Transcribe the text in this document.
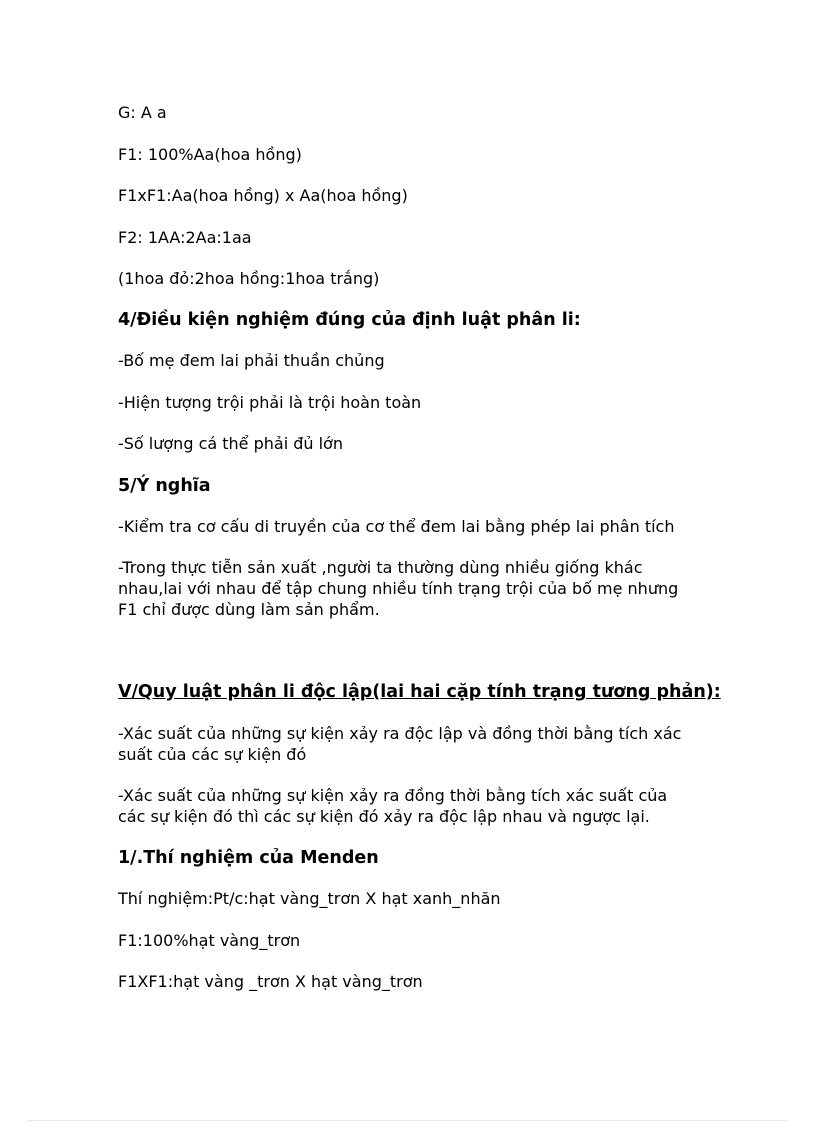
G: A a
F1: 100%Aa(hoa hồng)
F1xF1:Aa(hoa hồng) x Aa(hoa hồng)
F2: 1AA:2Aa:1aa
(1hoa đỏ:2hoa hồng:1hoa trắng)
4/Điều kiện nghiệm đúng của định luật phân li:
-Bố mẹ đem lai phải thuần chủng
-Hiện tượng trội phải là trội hoàn toàn
-Số lượng cá thể phải đủ lớn
5/Ý nghĩa
-Kiểm tra cơ cấu di truyền của cơ thể đem lai bằng phép lai phân tích
-Trong thực tiễn sản xuất ,người ta thường dùng nhiều giống khác
nhau,lai với nhau để tập chung nhiều tính trạng trội của bố mẹ nhưng
F1 chỉ được dùng làm sản phẩm.
V/Quy luật phân li độc lập(lai hai cặp tính trạng tương phản):
-Xác suất của những sự kiện xảy ra độc lập và đồng thời bằng tích xác
suất của các sự kiện đó
-Xác suất của những sự kiện xảy ra đồng thời bằng tích xác suất của
các sự kiện đó thì các sự kiện đó xảy ra độc lập nhau và ngược lại.
1/.Thí nghiệm của Menden
Thí nghiệm:Pt/c:hạt vàng_trơn X hạt xanh_nhăn
F1:100%hạt vàng_trơn
F1XF1:hạt vàng _trơn X hạt vàng_trơn
